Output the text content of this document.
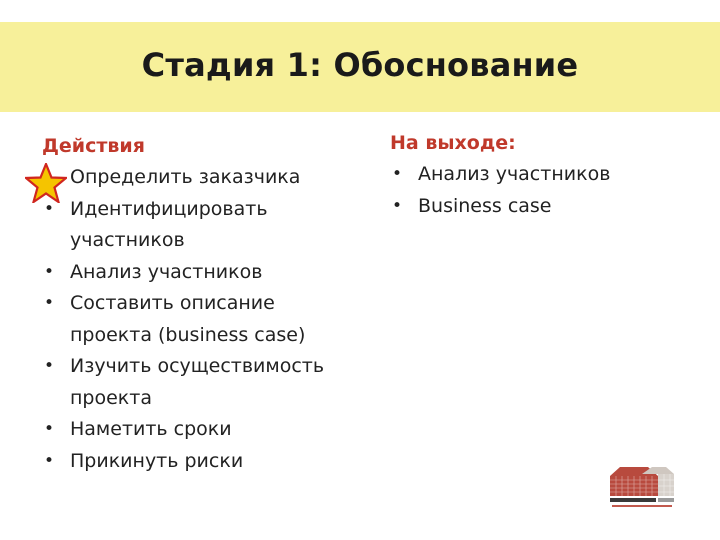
Стадия 1: Обоснование

Действия

Определить заказчика
• Идентифицировать участников
• Анализ участников
• Составить описание проекта (business case)
• Изучить осуществимость проекта
• Наметить сроки
• Прикинуть риски

На выходе:

• Анализ участников
• Business case
